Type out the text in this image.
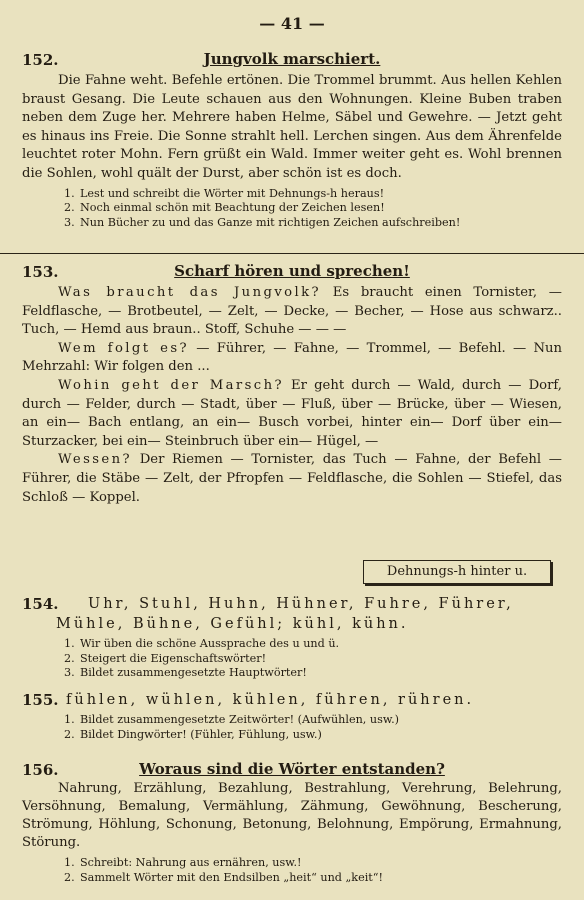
— 41 —
152.	Jungvolk marschiert.
Die Fahne weht. Befehle ertönen. Die Trommel brummt. Aus hellen Kehlen braust Gesang. Die Leute schauen aus den Wohnungen. Kleine Buben traben neben dem Zuge her. Mehrere haben Helme, Säbel und Gewehre. — Jetzt geht es hinaus ins Freie. Die Sonne strahlt hell. Lerchen singen. Aus dem Ährenfelde leuchtet roter Mohn. Fern grüßt ein Wald. Immer weiter geht es. Wohl brennen die Sohlen, wohl quält der Durst, aber schön ist es doch.
1. Lest und schreibt die Wörter mit Dehnungs-h heraus!
2. Noch einmal schön mit Beachtung der Zeichen lesen!
3. Nun Bücher zu und das Ganze mit richtigen Zeichen aufschreiben!
153.	Scharf hören und sprechen!
Was braucht das Jungvolk? Es braucht einen Tornister, — Feldflasche, — Brotbeutel, — Zelt, — Decke, — Becher, — Hose aus schwarz.. Tuch, — Hemd aus braun.. Stoff, Schuhe — — —
Wem folgt es? — Führer, — Fahne, — Trommel, — Befehl. — Nun Mehrzahl: Wir folgen den ...
Wohin geht der Marsch? Er geht durch — Wald, durch — Dorf, durch — Felder, durch — Stadt, über — Fluß, über — Brücke, über — Wiesen, an ein— Bach entlang, an ein— Busch vorbei, hinter ein— Dorf über ein— Sturzacker, bei ein— Steinbruch über ein— Hügel, —
Wessen? Der Riemen — Tornister, das Tuch — Fahne, der Befehl — Führer, die Stäbe — Zelt, der Pfropfen — Feldflasche, die Sohlen — Stiefel, das Schloß — Koppel.
Dehnungs-h hinter u.
154.	Uhr, Stuhl, Huhn, Hühner, Fuhre, Führer,
Mühle, Bühne, Gefühl; kühl, kühn.
1. Wir üben die schöne Aussprache des u und ü.
2. Steigert die Eigenschaftswörter!
3. Bildet zusammengesetzte Hauptwörter!
155. fühlen, wühlen, kühlen, führen, rühren.
1. Bildet zusammengesetzte Zeitwörter! (Aufwühlen, usw.)
2. Bildet Dingwörter! (Fühler, Fühlung, usw.)
156.	Woraus sind die Wörter entstanden?
Nahrung, Erzählung, Bezahlung, Bestrahlung, Verehrung, Belehrung, Versöhnung, Bemalung, Vermählung, Zähmung, Gewöhnung, Bescherung, Strömung, Höhlung, Schonung, Betonung, Belohnung, Empörung, Ermahnung, Störung.
1. Schreibt: Nahrung aus ernähren, usw.!
2. Sammelt Wörter mit den Endsilben „heit“ und „keit“!
